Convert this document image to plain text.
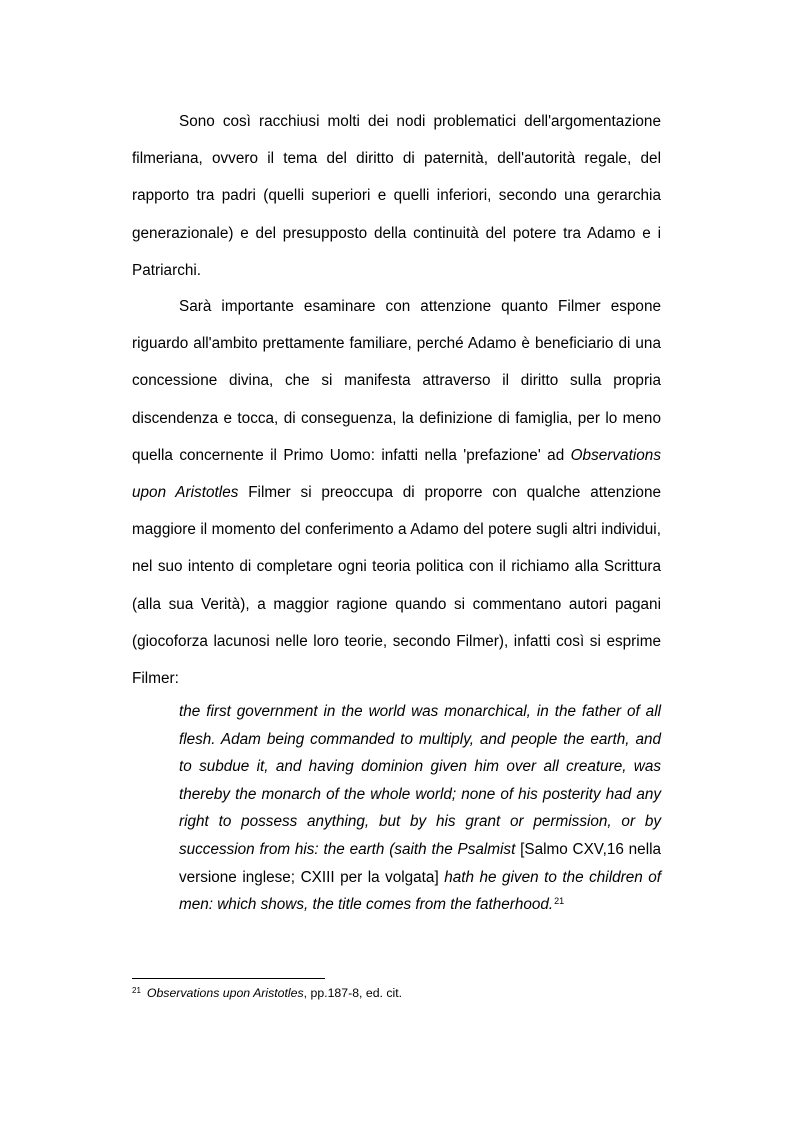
Sono così racchiusi molti dei nodi problematici dell'argomentazione filmeriana, ovvero il tema del diritto di paternità, dell'autorità regale, del rapporto tra padri (quelli superiori e quelli inferiori, secondo una gerarchia generazionale) e del presupposto della continuità del potere tra Adamo e i Patriarchi.

Sarà importante esaminare con attenzione quanto Filmer espone riguardo all'ambito prettamente familiare, perché Adamo è beneficiario di una concessione divina, che si manifesta attraverso il diritto sulla propria discendenza e tocca, di conseguenza, la definizione di famiglia, per lo meno quella concernente il Primo Uomo: infatti nella 'prefazione' ad Observations upon Aristotles Filmer si preoccupa di proporre con qualche attenzione maggiore il momento del conferimento a Adamo del potere sugli altri individui, nel suo intento di completare ogni teoria politica con il richiamo alla Scrittura (alla sua Verità), a maggior ragione quando si commentano autori pagani (giocoforza lacunosi nelle loro teorie, secondo Filmer), infatti così si esprime Filmer:

the first government in the world was monarchical, in the father of all flesh. Adam being commanded to multiply, and people the earth, and to subdue it, and having dominion given him over all creature, was thereby the monarch of the whole world; none of his posterity had any right to possess anything, but by his grant or permission, or by succession from his: the earth (saith the Psalmist [Salmo CXV,16 nella versione inglese; CXIII per la volgata] hath he given to the children of men: which shows, the title comes from the fatherhood.$^{21}$

$^{21}$ Observations upon Aristotles, pp.187-8, ed. cit.
